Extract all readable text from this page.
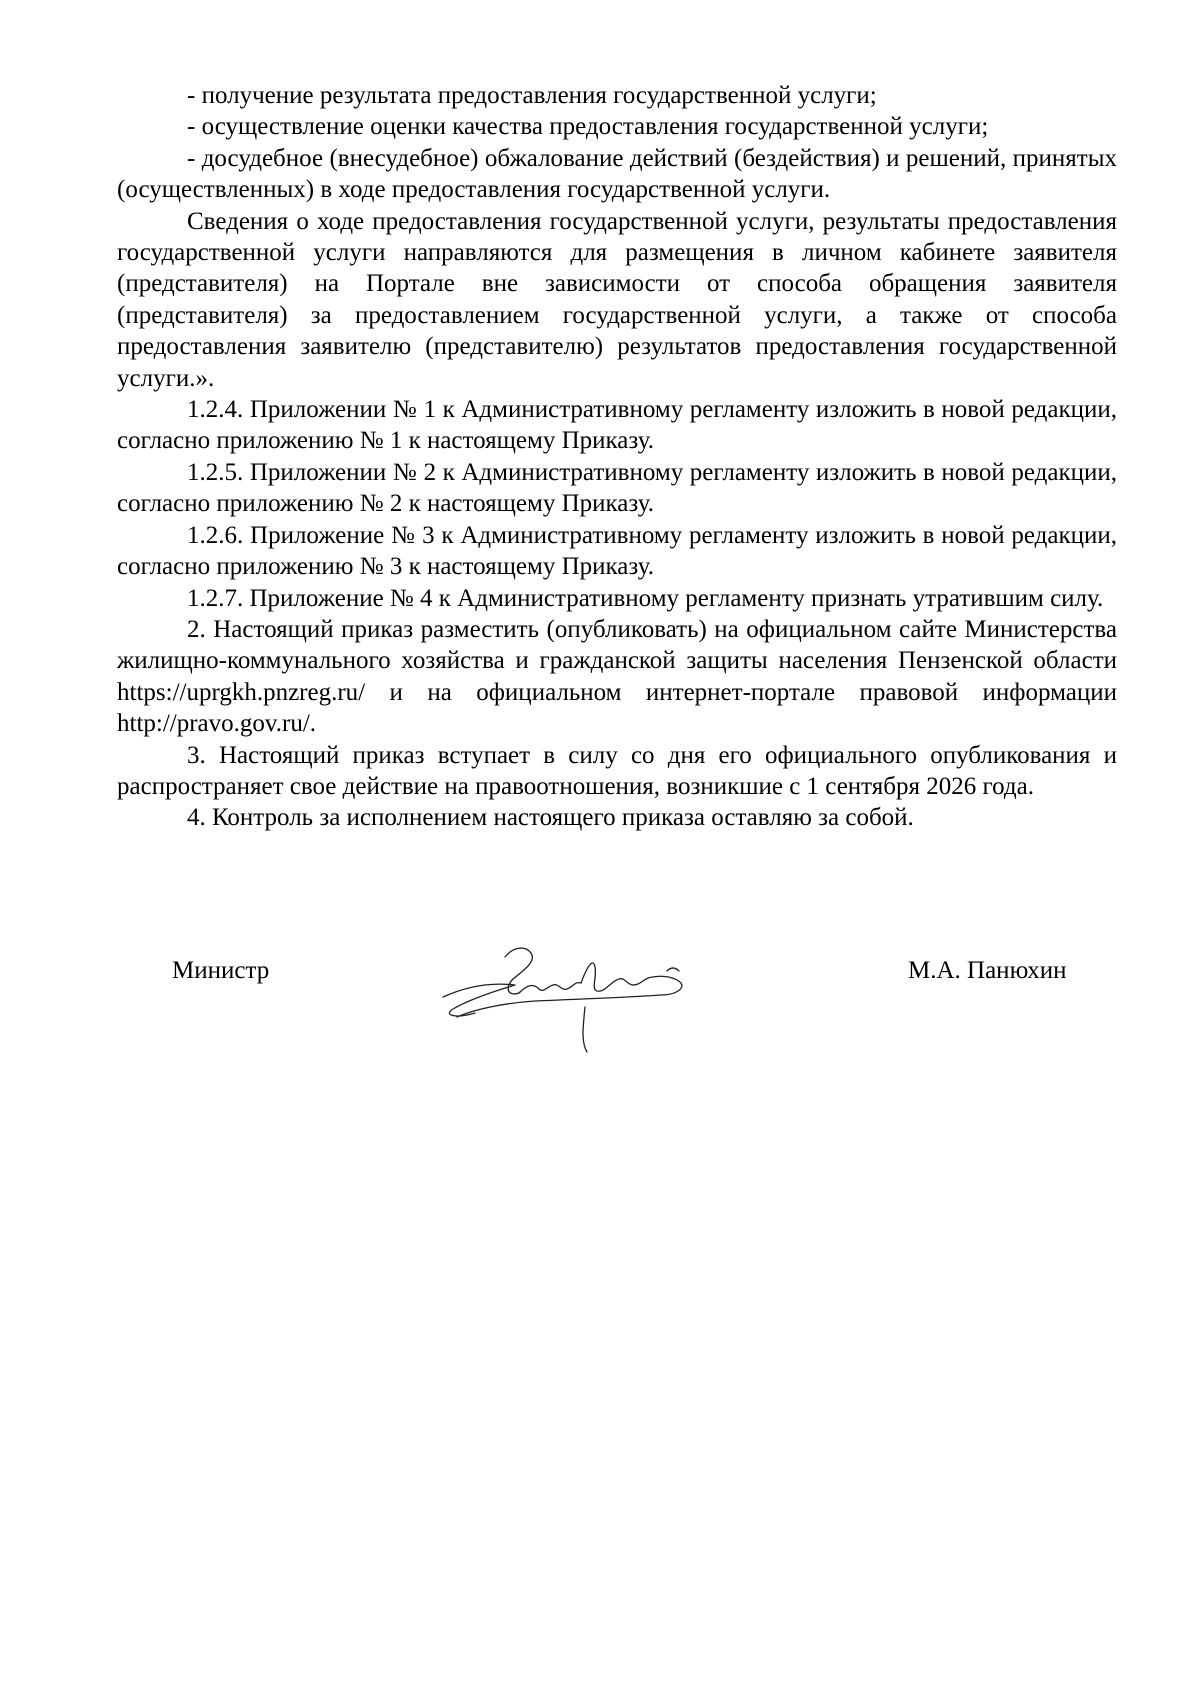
- получение результата предоставления государственной услуги;

- осуществление оценки качества предоставления государственной услуги;

- досудебное (внесудебное) обжалование действий (бездействия) и решений, принятых (осуществленных) в ходе предоставления государственной услуги.

Сведения о ходе предоставления государственной услуги, результаты предоставления государственной услуги направляются для размещения в личном кабинете заявителя (представителя) на Портале вне зависимости от способа обращения заявителя (представителя) за предоставлением государственной услуги, а также от способа предоставления заявителю (представителю) результатов предоставления государственной услуги.».

1.2.4. Приложении № 1 к Административному регламенту изложить в новой редакции, согласно приложению № 1 к настоящему Приказу.

1.2.5. Приложении № 2 к Административному регламенту изложить в новой редакции, согласно приложению № 2 к настоящему Приказу.

1.2.6. Приложение № 3 к Административному регламенту изложить в новой редакции, согласно приложению № 3 к настоящему Приказу.

1.2.7. Приложение № 4 к Административному регламенту признать утратившим силу.

2. Настоящий приказ разместить (опубликовать) на официальном сайте Министерства жилищно-коммунального хозяйства и гражданской защиты населения Пензенской области https://uprgkh.pnzreg.ru/ и на официальном интернет-портале правовой информации http://pravo.gov.ru/.

3. Настоящий приказ вступает в силу со дня его официального опубликования и распространяет свое действие на правоотношения, возникшие с 1 сентября 2026 года.

4. Контроль за исполнением настоящего приказа оставляю за собой.

Министр	М.А. Панюхин
